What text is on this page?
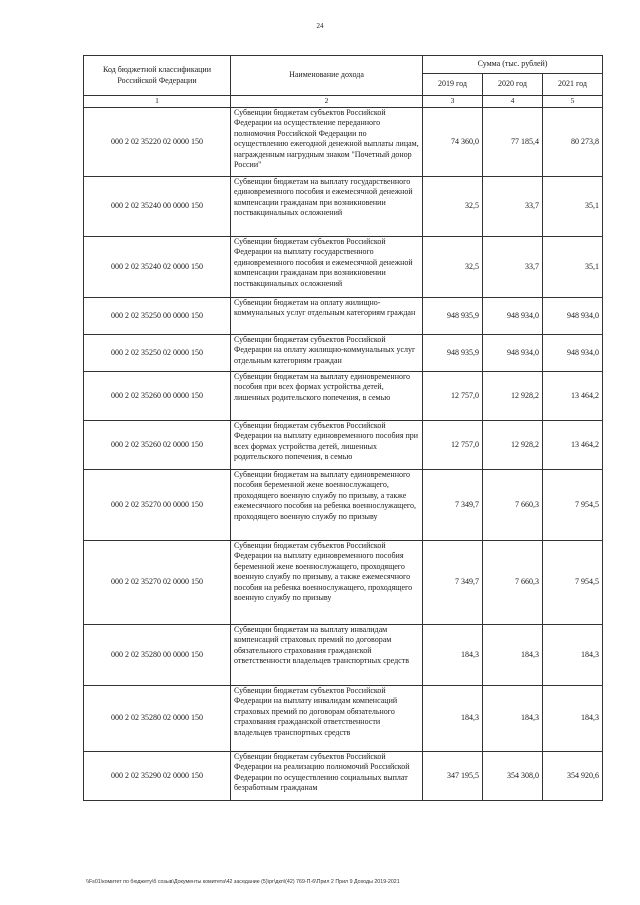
24
Код бюджетной классификации Российской Федерации	Наименование дохода	Сумма (тыс. рублей)		
		2019 год	2020 год	2021 год
1	2	3	4	5
000 2 02 35220 02 0000 150	Субвенции бюджетам субъектов Российской Федерации на осуществление переданного полномочия Российской Федерации по осуществлению ежегодной денежной выплаты лицам, награжденным нагрудным знаком "Почетный донор России"	74 360,0	77 185,4	80 273,8
000 2 02 35240 00 0000 150	Субвенции бюджетам на выплату государственного единовременного пособия и ежемесячной денежной компенсации гражданам при возникновении поствакцинальных осложнений	32,5	33,7	35,1
000 2 02 35240 02 0000 150	Субвенции бюджетам субъектов Российской Федерации на выплату государственного единовременного пособия и ежемесячной денежной компенсации гражданам при возникновении поствакцинальных осложнений	32,5	33,7	35,1
000 2 02 35250 00 0000 150	Субвенции бюджетам на оплату жилищно-коммунальных услуг отдельным категориям граждан	948 935,9	948 934,0	948 934,0
000 2 02 35250 02 0000 150	Субвенции бюджетам субъектов Российской Федерации на оплату жилищно-коммунальных услуг отдельным категориям граждан	948 935,9	948 934,0	948 934,0
000 2 02 35260 00 0000 150	Субвенции бюджетам на выплату единовременного пособия при всех формах устройства детей, лишенных родительского попечения, в семью	12 757,0	12 928,2	13 464,2
000 2 02 35260 02 0000 150	Субвенции бюджетам субъектов Российской Федерации на выплату единовременного пособия при всех формах устройства детей, лишенных родительского попечения, в семью	12 757,0	12 928,2	13 464,2
000 2 02 35270 00 0000 150	Субвенции бюджетам на выплату единовременного пособия беременной жене военнослужащего, проходящего военную службу по призыву, а также ежемесячного пособия на ребенка военнослужащего, проходящего военную службу по призыву	7 349,7	7 660,3	7 954,5
000 2 02 35270 02 0000 150	Субвенции бюджетам субъектов Российской Федерации на выплату единовременного пособия беременной жене военнослужащего, проходящего военную службу по призыву, а также ежемесячного пособия на ребенка военнослужащего, проходящего военную службу по призыву	7 349,7	7 660,3	7 954,5
000 2 02 35280 00 0000 150	Субвенции бюджетам на выплату инвалидам компенсаций страховых премий по договорам обязательного страхования гражданской ответственности владельцев транспортных средств	184,3	184,3	184,3
000 2 02 35280 02 0000 150	Субвенции бюджетам субъектов Российской Федерации на выплату инвалидам компенсаций страховых премий по договорам обязательного страхования гражданской ответственности владельцев транспортных средств	184,3	184,3	184,3
000 2 02 35290 02 0000 150	Субвенции бюджетам субъектов Российской Федерации на реализацию полномочий Российской Федерации по осуществлению социальных выплат безработным гражданам	347 195,5	354 308,0	354 920,6
\\Fs01\комитет по бюджету\б созыв\Документы комитета\42 заседание (5)\рг\дкп\(42) 769-П-6\Прил 2 Прил 9 Доходы 2019-2021
